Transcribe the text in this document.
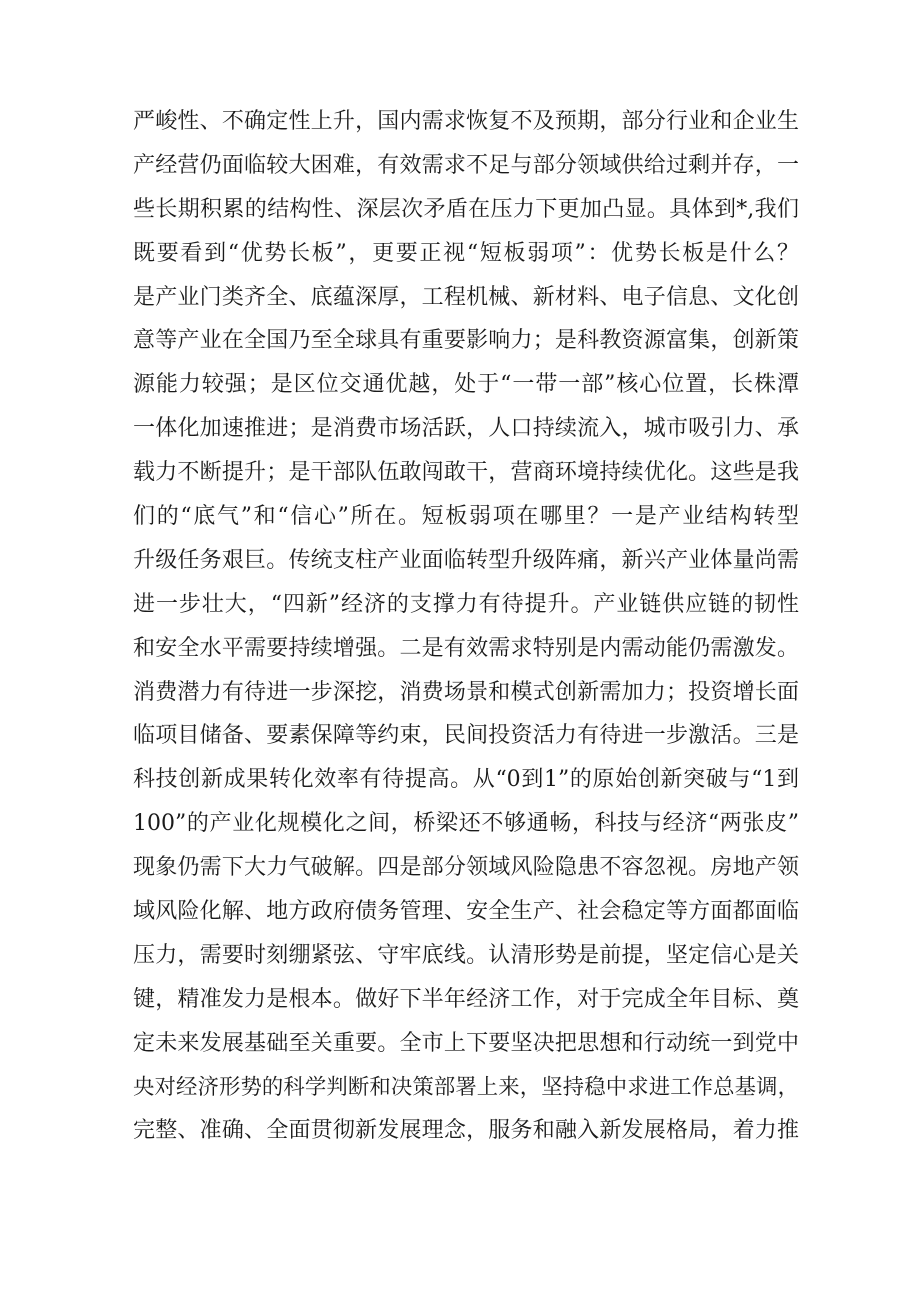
严峻性、不确定性上升，国内需求恢复不及预期，部分行业和企业生
产经营仍面临较大困难，有效需求不足与部分领域供给过剩并存，一
些长期积累的结构性、深层次矛盾在压力下更加凸显。具体到*,我们
既要看到“优势长板”，更要正视“短板弱项”：优势长板是什么？
是产业门类齐全、底蕴深厚，工程机械、新材料、电子信息、文化创
意等产业在全国乃至全球具有重要影响力；是科教资源富集，创新策
源能力较强；是区位交通优越，处于“一带一部”核心位置，长株潭
一体化加速推进；是消费市场活跃，人口持续流入，城市吸引力、承
载力不断提升；是干部队伍敢闯敢干，营商环境持续优化。这些是我
们的“底气”和“信心”所在。短板弱项在哪里？一是产业结构转型
升级任务艰巨。传统支柱产业面临转型升级阵痛，新兴产业体量尚需
进一步壮大，“四新”经济的支撑力有待提升。产业链供应链的韧性
和安全水平需要持续增强。二是有效需求特别是内需动能仍需激发。
消费潜力有待进一步深挖，消费场景和模式创新需加力；投资增长面
临项目储备、要素保障等约束，民间投资活力有待进一步激活。三是
科技创新成果转化效率有待提高。从“0到1”的原始创新突破与“1到
100”的产业化规模化之间，桥梁还不够通畅，科技与经济“两张皮”
现象仍需下大力气破解。四是部分领域风险隐患不容忽视。房地产领
域风险化解、地方政府债务管理、安全生产、社会稳定等方面都面临
压力，需要时刻绷紧弦、守牢底线。认清形势是前提，坚定信心是关
键，精准发力是根本。做好下半年经济工作，对于完成全年目标、奠
定未来发展基础至关重要。全市上下要坚决把思想和行动统一到党中
央对经济形势的科学判断和决策部署上来，坚持稳中求进工作总基调，
完整、准确、全面贯彻新发展理念，服务和融入新发展格局，着力推
